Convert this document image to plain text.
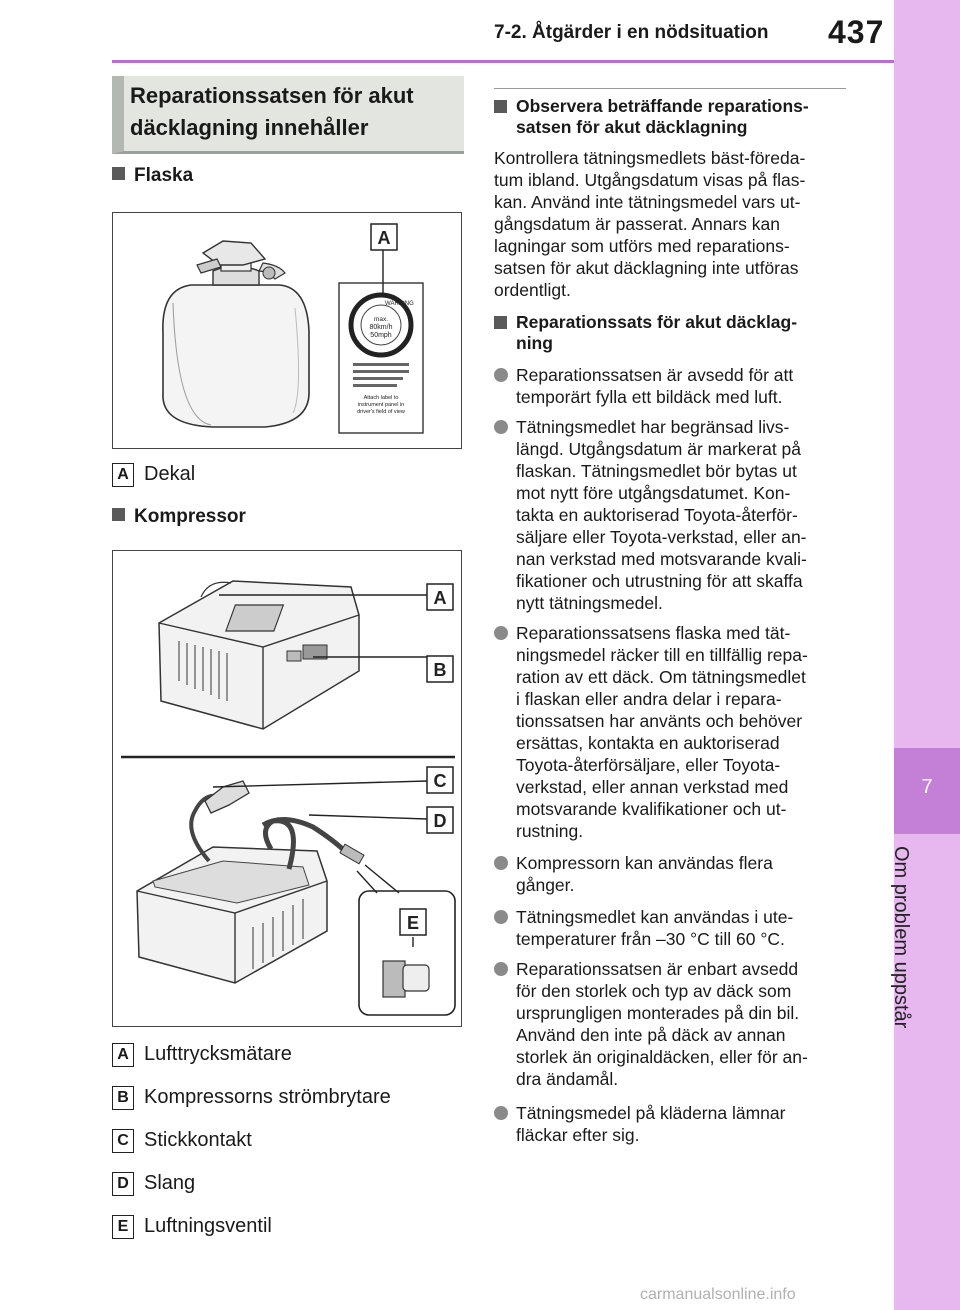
7-2. Åtgärder i en nödsituation 437
7
Om problem uppstår
Reparationssatsen för akut
däcklagning innehåller
Flaska
WARNING
max.
80km/h
50mph
Attach label to
instrument panel in
driver's field of view
A
A Dekal
Kompressor
A
B
C
D
E
A Lufttrycksmätare
B Kompressorns strömbrytare
C Stickkontakt
D Slang
E Luftningsventil
Observera beträffande reparations-
satsen för akut däcklagning
Kontrollera tätningsmedlets bäst-föreda-
tum ibland. Utgångsdatum visas på flas-
kan. Använd inte tätningsmedel vars ut-
gångsdatum är passerat. Annars kan
lagningar som utförs med reparations-
satsen för akut däcklagning inte utföras
ordentligt.
Reparationssats för akut däcklag-
ning
Reparationssatsen är avsedd för att
temporärt fylla ett bildäck med luft.
Tätningsmedlet har begränsad livs-
längd. Utgångsdatum är markerat på
flaskan. Tätningsmedlet bör bytas ut
mot nytt före utgångsdatumet. Kon-
takta en auktoriserad Toyota-återför-
säljare eller Toyota-verkstad, eller an-
nan verkstad med motsvarande kvali-
fikationer och utrustning för att skaffa
nytt tätningsmedel.
Reparationssatsens flaska med tät-
ningsmedel räcker till en tillfällig repa-
ration av ett däck. Om tätningsmedlet
i flaskan eller andra delar i repara-
tionssatsen har använts och behöver
ersättas, kontakta en auktoriserad
Toyota-återförsäljare, eller Toyota-
verkstad, eller annan verkstad med
motsvarande kvalifikationer och ut-
rustning.
Kompressorn kan användas flera
gånger.
Tätningsmedlet kan användas i ute-
temperaturer från –30 °C till 60 °C.
Reparationssatsen är enbart avsedd
för den storlek och typ av däck som
ursprungligen monterades på din bil.
Använd den inte på däck av annan
storlek än originaldäcken, eller för an-
dra ändamål.
Tätningsmedel på kläderna lämnar
fläckar efter sig.
carmanualsonline.info
